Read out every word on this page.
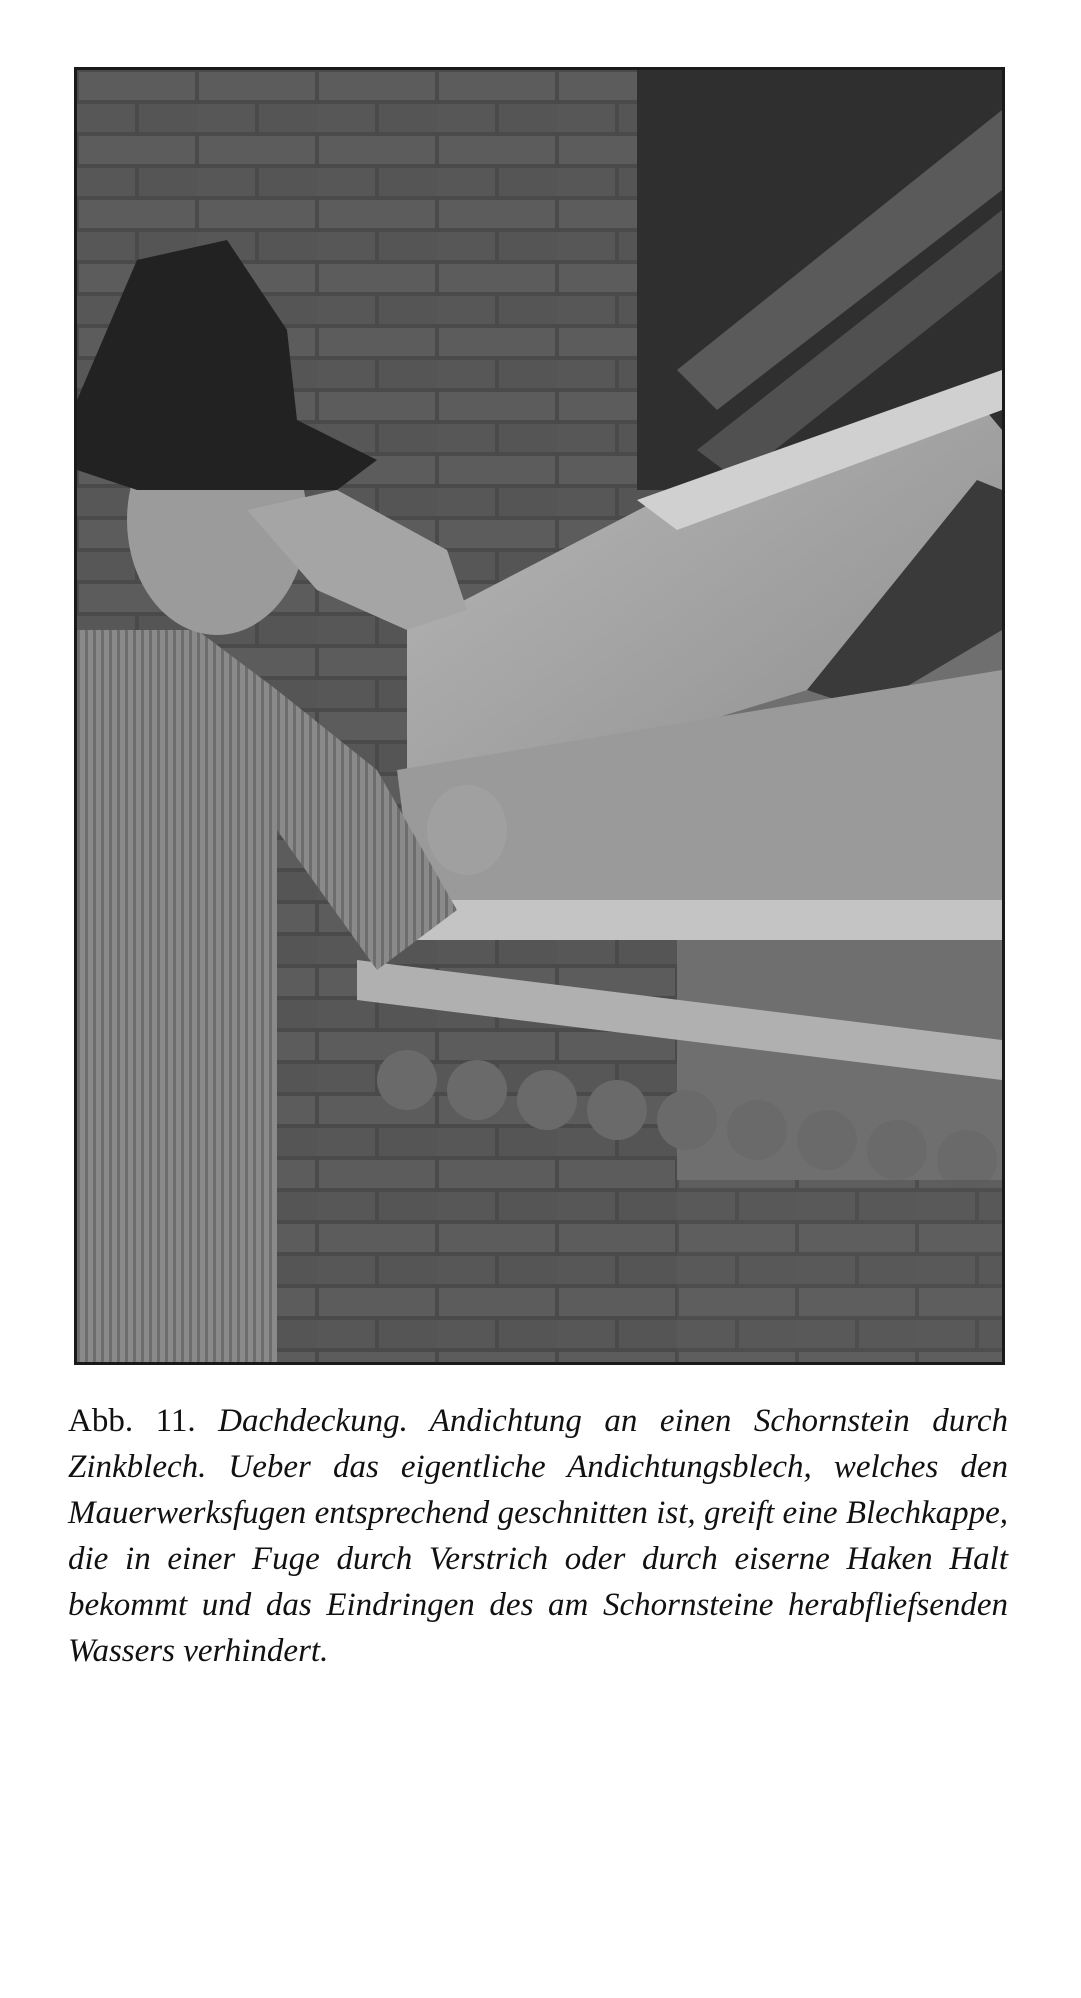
Abb. 11. Dachdeckung. Andichtung an einen Schornstein durch Zinkblech. Ueber das eigentliche Andichtungsblech, welches den Mauerwerksfugen entsprechend geschnitten ist, greift eine Blechkappe, die in einer Fuge durch Verstrich oder durch eiserne Haken Halt bekommt und das Eindringen des am Schornsteine herabfliefsenden Wassers verhindert.
